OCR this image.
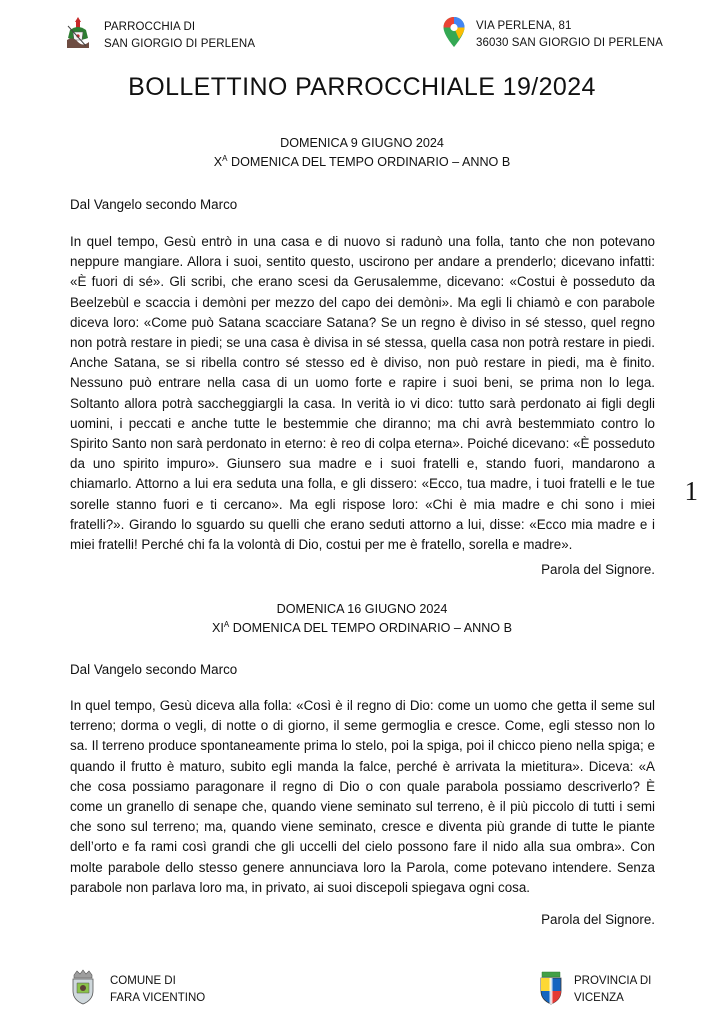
PARROCCHIA DI
SAN GIORGIO DI PERLENA
VIA PERLENA, 81
36030 SAN GIORGIO DI PERLENA
BOLLETTINO PARROCCHIALE 19/2024
DOMENICA 9 GIUGNO 2024
$X^A$ DOMENICA DEL TEMPO ORDINARIO – ANNO B
Dal Vangelo secondo Marco

In quel tempo, Gesù entrò in una casa e di nuovo si radunò una folla, tanto che non potevano neppure mangiare. Allora i suoi, sentito questo, uscirono per andare a prenderlo; dicevano infatti: «È fuori di sé». Gli scribi, che erano scesi da Gerusalemme, dicevano: «Costui è posseduto da Beelzebùl e scaccia i demòni per mezzo del capo dei demòni». Ma egli li chiamò e con parabole diceva loro: «Come può Satana scacciare Satana? Se un regno è diviso in sé stesso, quel regno non potrà restare in piedi; se una casa è divisa in sé stessa, quella casa non potrà restare in piedi. Anche Satana, se si ribella contro sé stesso ed è diviso, non può restare in piedi, ma è finito. Nessuno può entrare nella casa di un uomo forte e rapire i suoi beni, se prima non lo lega. Soltanto allora potrà saccheggiargli la casa. In verità io vi dico: tutto sarà perdonato ai figli degli uomini, i peccati e anche tutte le bestemmie che diranno; ma chi avrà bestemmiato contro lo Spirito Santo non sarà perdonato in eterno: è reo di colpa eterna». Poiché dicevano: «È posseduto da uno spirito impuro». Giunsero sua madre e i suoi fratelli e, stando fuori, mandarono a chiamarlo. Attorno a lui era seduta una folla, e gli dissero: «Ecco, tua madre, i tuoi fratelli e le tue sorelle stanno fuori e ti cercano». Ma egli rispose loro: «Chi è mia madre e chi sono i miei fratelli?». Girando lo sguardo su quelli che erano seduti attorno a lui, disse: «Ecco mia madre e i miei fratelli! Perché chi fa la volontà di Dio, costui per me è fratello, sorella e madre».

Parola del Signore.
1
DOMENICA 16 GIUGNO 2024
$XI^A$ DOMENICA DEL TEMPO ORDINARIO – ANNO B
Dal Vangelo secondo Marco

In quel tempo, Gesù diceva alla folla: «Così è il regno di Dio: come un uomo che getta il seme sul terreno; dorma o vegli, di notte o di giorno, il seme germoglia e cresce. Come, egli stesso non lo sa. Il terreno produce spontaneamente prima lo stelo, poi la spiga, poi il chicco pieno nella spiga; e quando il frutto è maturo, subito egli manda la falce, perché è arrivata la mietitura». Diceva: «A che cosa possiamo paragonare il regno di Dio o con quale parabola possiamo descriverlo? È come un granello di senape che, quando viene seminato sul terreno, è il più piccolo di tutti i semi che sono sul terreno; ma, quando viene seminato, cresce e diventa più grande di tutte le piante dell’orto e fa rami così grandi che gli uccelli del cielo possono fare il nido alla sua ombra». Con molte parabole dello stesso genere annunciava loro la Parola, come potevano intendere. Senza parabole non parlava loro ma, in privato, ai suoi discepoli spiegava ogni cosa.

Parola del Signore.
COMUNE DI
FARA VICENTINO
PROVINCIA DI
VICENZA
